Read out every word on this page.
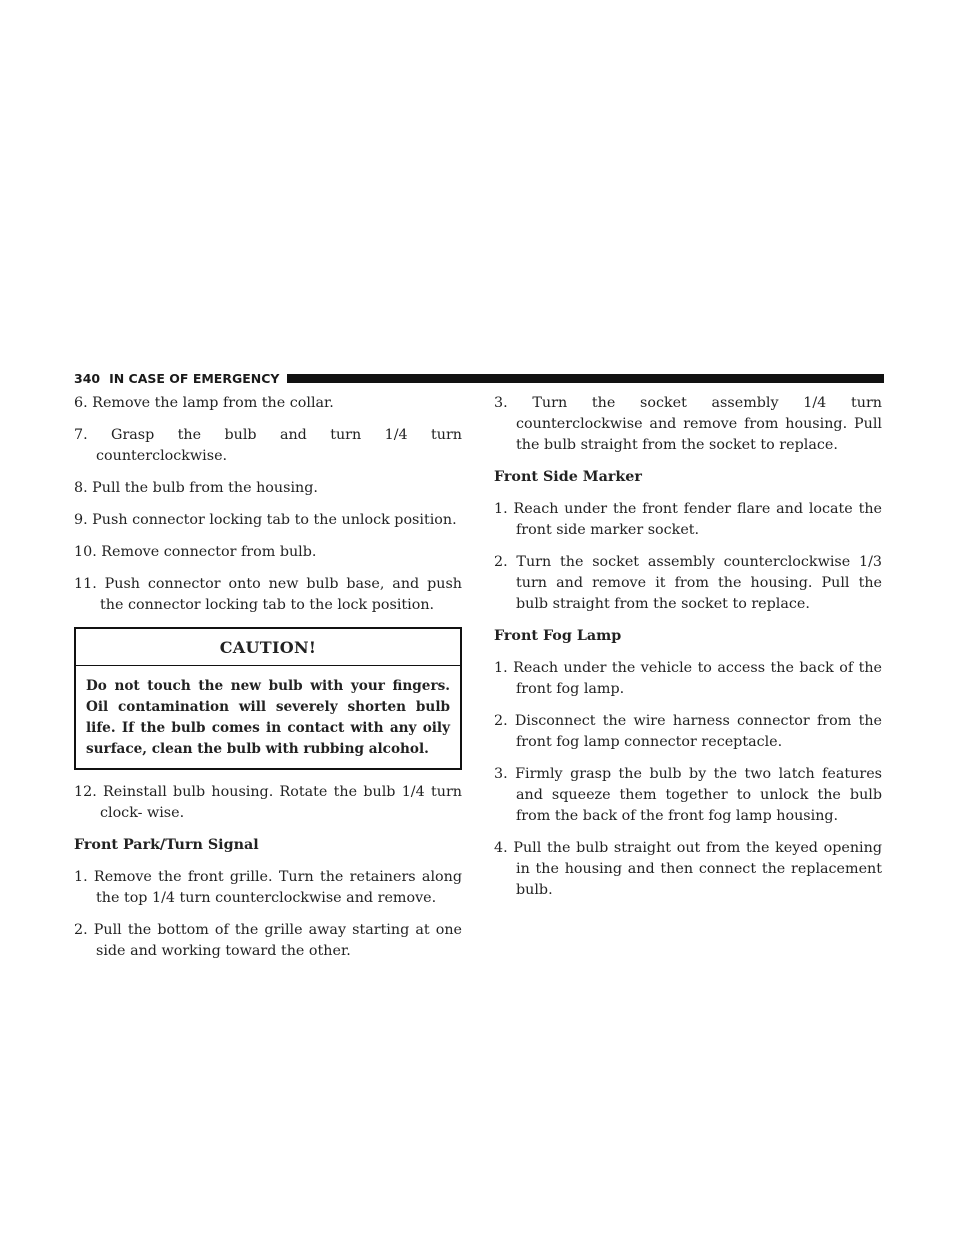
340 IN CASE OF EMERGENCY

6. Remove the lamp from the collar.

7. Grasp the bulb and turn 1/4 turn counterclockwise.

8. Pull the bulb from the housing.

9. Push connector locking tab to the unlock position.

10. Remove connector from bulb.

11. Push connector onto new bulb base, and push the connector locking tab to the lock position.

CAUTION!
Do not touch the new bulb with your fingers. Oil contamination will severely shorten bulb life. If the bulb comes in contact with any oily surface, clean the bulb with rubbing alcohol.

12. Reinstall bulb housing. Rotate the bulb 1/4 turn clock- wise.

Front Park/Turn Signal

1. Remove the front grille. Turn the retainers along the top 1/4 turn counterclockwise and remove.

2. Pull the bottom of the grille away starting at one side and working toward the other.

3. Turn the socket assembly 1/4 turn counterclockwise and remove from housing. Pull the bulb straight from the socket to replace.

Front Side Marker

1. Reach under the front fender flare and locate the front side marker socket.

2. Turn the socket assembly counterclockwise 1/3 turn and remove it from the housing. Pull the bulb straight from the socket to replace.

Front Fog Lamp

1. Reach under the vehicle to access the back of the front fog lamp.

2. Disconnect the wire harness connector from the front fog lamp connector receptacle.

3. Firmly grasp the bulb by the two latch features and squeeze them together to unlock the bulb from the back of the front fog lamp housing.

4. Pull the bulb straight out from the keyed opening in the housing and then connect the replacement bulb.
